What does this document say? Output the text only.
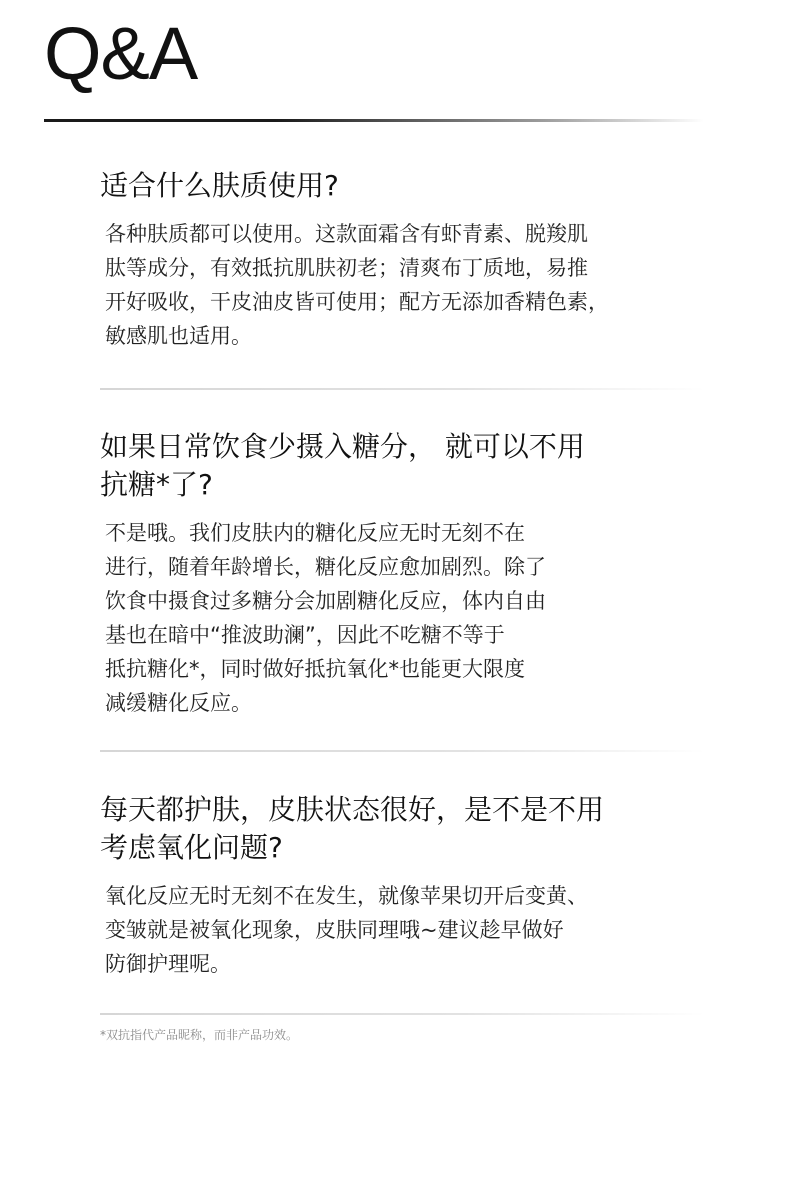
Q&A
适合什么肤质使用?

各种肤质都可以使用。这款面霜含有虾青素、脱羧肌
肽等成分，有效抵抗肌肤初老；清爽布丁质地，易推
开好吸收，干皮油皮皆可使用；配方无添加香精色素，
敏感肌也适用。

如果日常饮食少摄入糖分， 就可以不用
抗糖*了?

不是哦。我们皮肤内的糖化反应无时无刻不在
进行，随着年龄增长，糖化反应愈加剧烈。除了
饮食中摄食过多糖分会加剧糖化反应，体内自由
基也在暗中“推波助澜”，因此不吃糖不等于
抵抗糖化*，同时做好抵抗氧化*也能更大限度
减缓糖化反应。

每天都护肤，皮肤状态很好，是不是不用
考虑氧化问题?

氧化反应无时无刻不在发生，就像苹果切开后变黄、
变皱就是被氧化现象，皮肤同理哦~建议趁早做好
防御护理呢。

*双抗指代产品昵称，而非产品功效。
